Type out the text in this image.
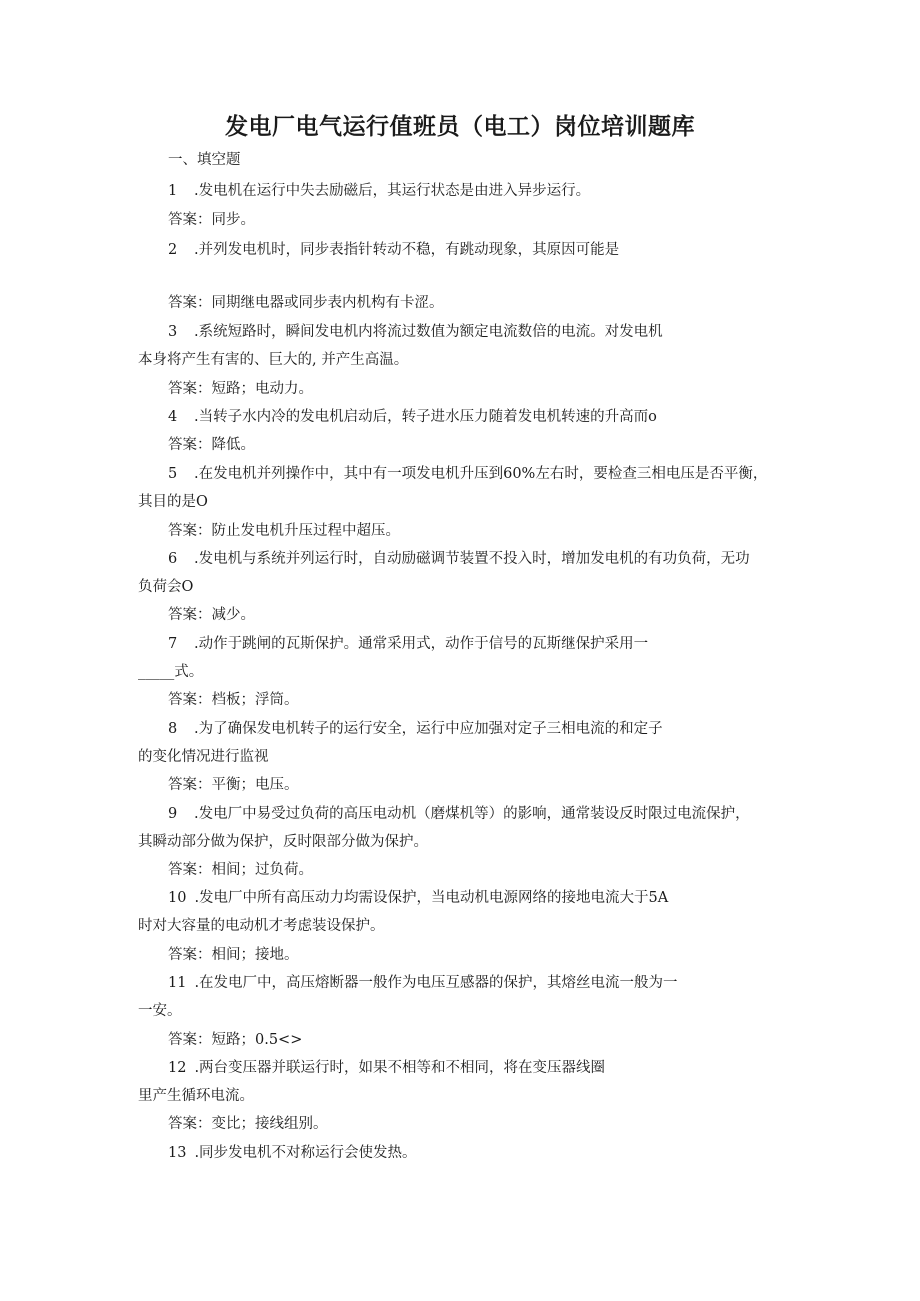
发电厂电气运行值班员（电工）岗位培训题库
一、填空题
1 .发电机在运行中失去励磁后，其运行状态是由进入异步运行。
答案：同步。
2 .并列发电机时，同步表指针转动不稳，有跳动现象，其原因可能是
答案：同期继电器或同步表内机构有卡涩。
3 .系统短路时，瞬间发电机内将流过数值为额定电流数倍的电流。对发电机
本身将产生有害的、巨大的, 并产生高温。
答案：短路；电动力。
4 .当转子水内冷的发电机启动后，转子进水压力随着发电机转速的升高而o
答案：降低。
5 .在发电机并列操作中，其中有一项发电机升压到60%左右时，要检查三相电压是否平衡，
其目的是O
答案：防止发电机升压过程中超压。
6 .发电机与系统并列运行时，自动励磁调节装置不投入时，增加发电机的有功负荷，无功
负荷会O
答案：减少。
7 .动作于跳闸的瓦斯保护。通常采用式，动作于信号的瓦斯继保护采用一
_____式。
答案：档板；浮筒。
8 .为了确保发电机转子的运行安全，运行中应加强对定子三相电流的和定子
的变化情况进行监视
答案：平衡；电压。
9 .发电厂中易受过负荷的高压电动机（磨煤机等）的影响，通常装设反时限过电流保护，
其瞬动部分做为保护，反时限部分做为保护。
答案：相间；过负荷。
10 .发电厂中所有高压动力均需设保护，当电动机电源网络的接地电流大于5A
时对大容量的电动机才考虑装设保护。
答案：相间；接地。
11 .在发电厂中，高压熔断器一般作为电压互感器的保护，其熔丝电流一般为一
一安。
答案：短路；0.5<>
12 .两台变压器并联运行时，如果不相等和不相同，将在变压器线圈
里产生循环电流。
答案：变比；接线组别。
13 .同步发电机不对称运行会使发热。
